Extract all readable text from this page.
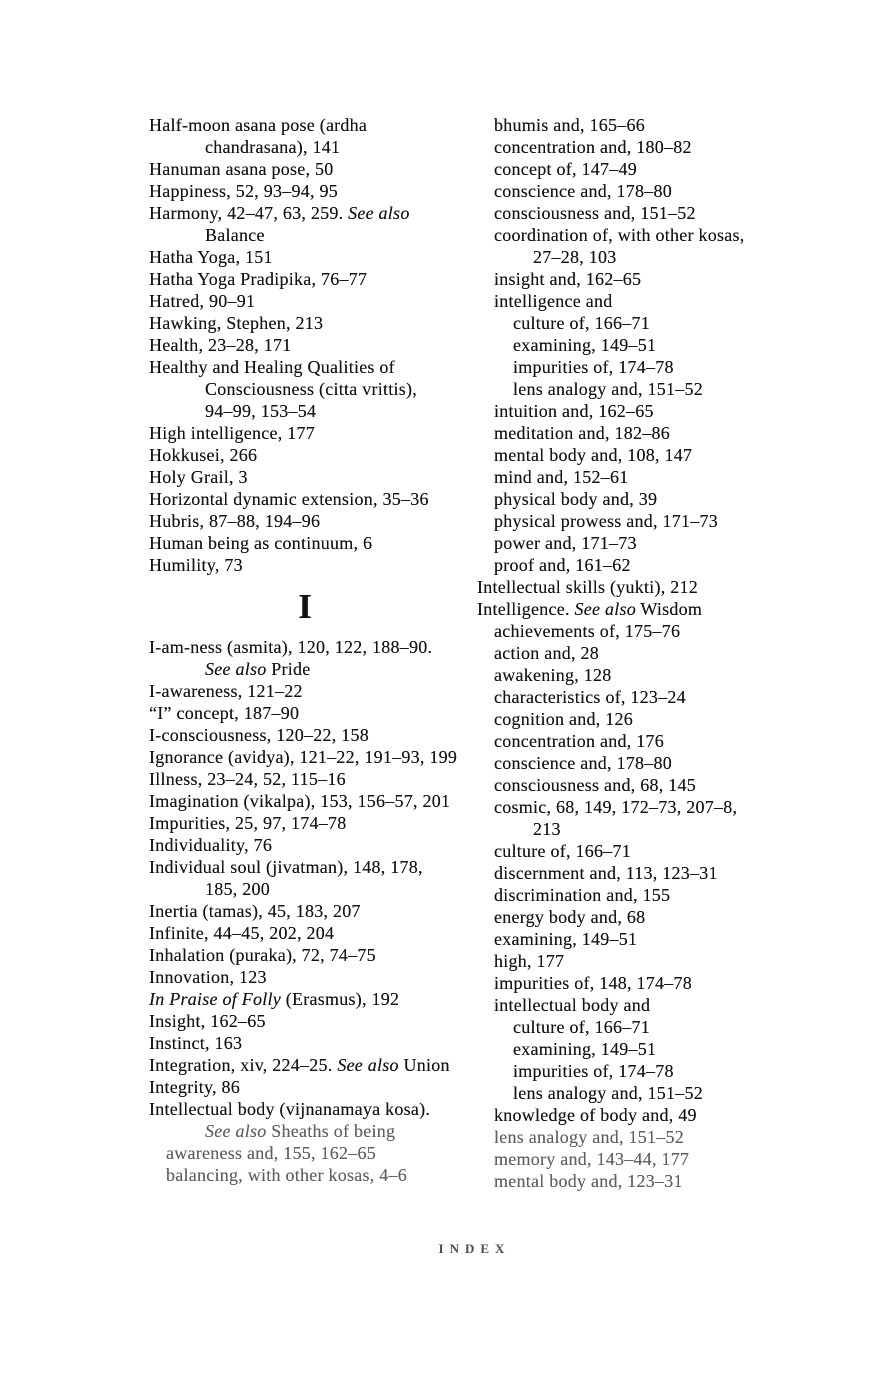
Half-moon asana pose (ardha
chandrasana), 141
Hanuman asana pose, 50
Happiness, 52, 93–94, 95
Harmony, 42–47, 63, 259. See also
Balance
Hatha Yoga, 151
Hatha Yoga Pradipika, 76–77
Hatred, 90–91
Hawking, Stephen, 213
Health, 23–28, 171
Healthy and Healing Qualities of
Consciousness (citta vrittis),
94–99, 153–54
High intelligence, 177
Hokkusei, 266
Holy Grail, 3
Horizontal dynamic extension, 35–36
Hubris, 87–88, 194–96
Human being as continuum, 6
Humility, 73
I
I-am-ness (asmita), 120, 122, 188–90.
See also Pride
I-awareness, 121–22
“I” concept, 187–90
I-consciousness, 120–22, 158
Ignorance (avidya), 121–22, 191–93, 199
Illness, 23–24, 52, 115–16
Imagination (vikalpa), 153, 156–57, 201
Impurities, 25, 97, 174–78
Individuality, 76
Individual soul (jivatman), 148, 178,
185, 200
Inertia (tamas), 45, 183, 207
Infinite, 44–45, 202, 204
Inhalation (puraka), 72, 74–75
Innovation, 123
In Praise of Folly (Erasmus), 192
Insight, 162–65
Instinct, 163
Integration, xiv, 224–25. See also Union
Integrity, 86
Intellectual body (vijnanamaya kosa).
See also Sheaths of being
awareness and, 155, 162–65
balancing, with other kosas, 4–6
bhumis and, 165–66
concentration and, 180–82
concept of, 147–49
conscience and, 178–80
consciousness and, 151–52
coordination of, with other kosas,
27–28, 103
insight and, 162–65
intelligence and
culture of, 166–71
examining, 149–51
impurities of, 174–78
lens analogy and, 151–52
intuition and, 162–65
meditation and, 182–86
mental body and, 108, 147
mind and, 152–61
physical body and, 39
physical prowess and, 171–73
power and, 171–73
proof and, 161–62
Intellectual skills (yukti), 212
Intelligence. See also Wisdom
achievements of, 175–76
action and, 28
awakening, 128
characteristics of, 123–24
cognition and, 126
concentration and, 176
conscience and, 178–80
consciousness and, 68, 145
cosmic, 68, 149, 172–73, 207–8,
213
culture of, 166–71
discernment and, 113, 123–31
discrimination and, 155
energy body and, 68
examining, 149–51
high, 177
impurities of, 148, 174–78
intellectual body and
culture of, 166–71
examining, 149–51
impurities of, 174–78
lens analogy and, 151–52
knowledge of body and, 49
lens analogy and, 151–52
memory and, 143–44, 177
mental body and, 123–31
INDEX
